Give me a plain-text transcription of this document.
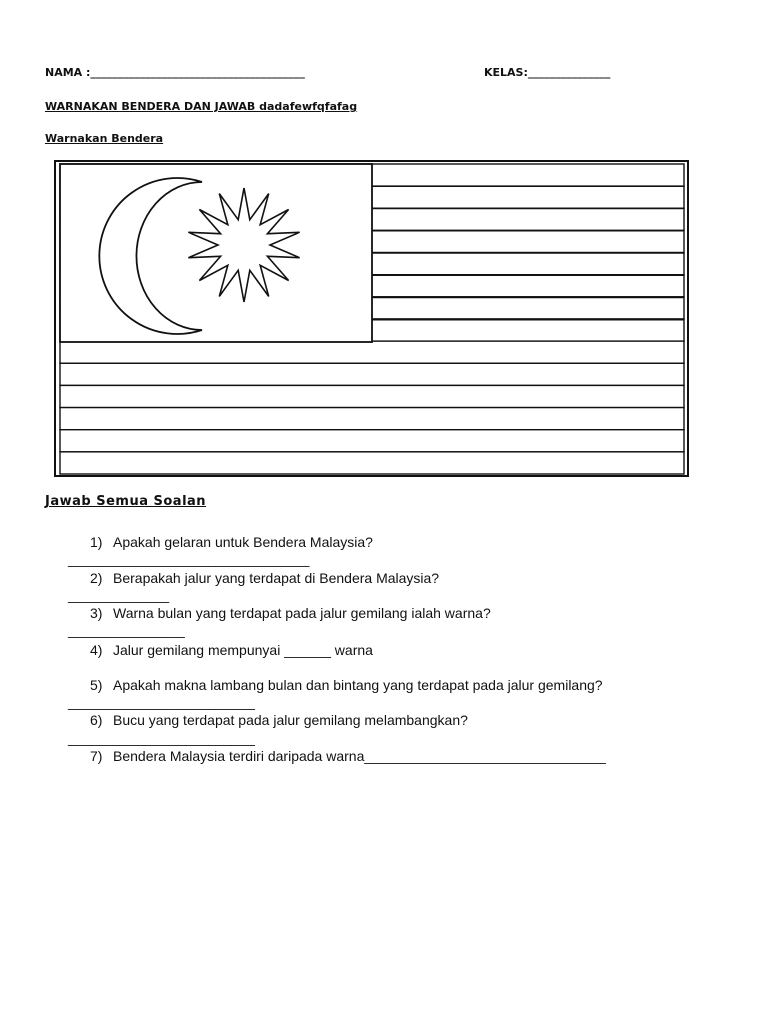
NAMA :_______________________________________	KELAS:_______________
WARNAKAN BENDERA DAN JAWAB dadafewfqfafag
Warnakan Bendera
Jawab Semua Soalan
1) Apakah gelaran untuk Bendera Malaysia?
_______________________________
2) Berapakah jalur yang terdapat di Bendera Malaysia?
_____________
3) Warna bulan yang terdapat pada jalur gemilang ialah warna?
_______________
4) Jalur gemilang mempunyai ______ warna
5) Apakah makna lambang bulan dan bintang yang terdapat pada jalur gemilang?
________________________
6) Bucu yang terdapat pada jalur gemilang melambangkan?
________________________
7) Bendera Malaysia terdiri daripada warna_______________________________
